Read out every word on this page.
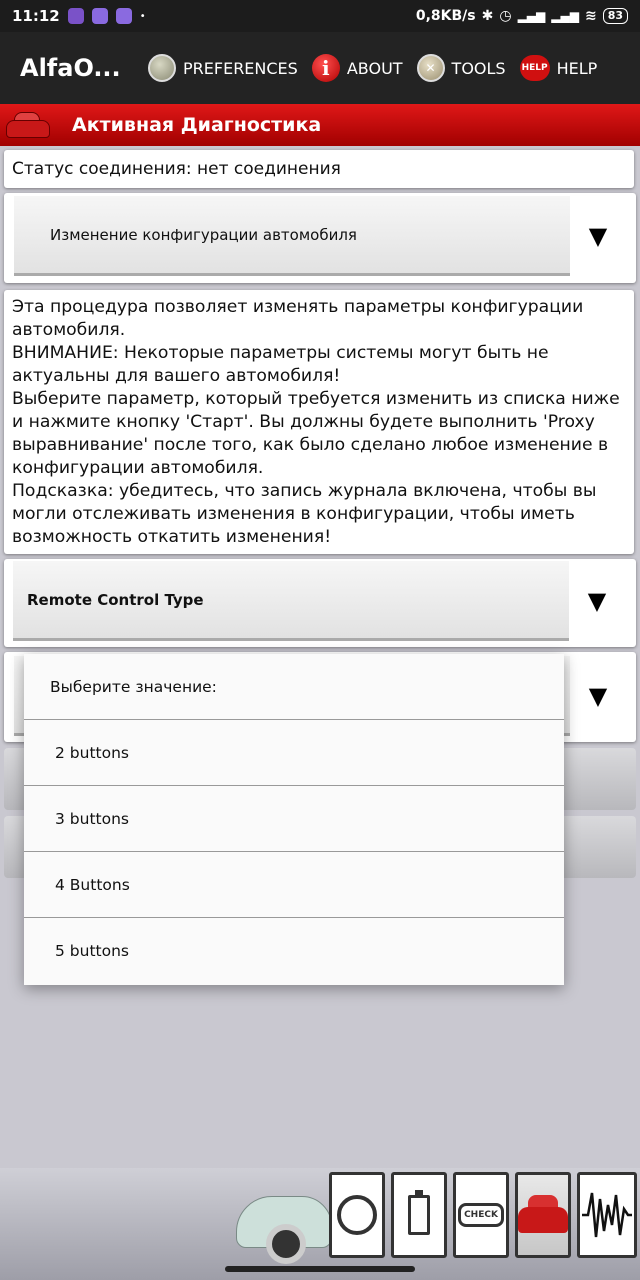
11:12	•	0,8KB/s ✱ ◷ ▂▄▆ ▂▄▆ ≋	83
AlfaO...	PREFERENCES	i	ABOUT	✕ TOOLS HELP HELP
Активная Диагностика
Статус соединения: нет соединения
Изменение конфигурации автомобиля	▼
Эта процедура позволяет изменять параметры конфигурации автомобиля.
ВНИМАНИЕ: Некоторые параметры системы могут быть не актуальны для вашего автомобиля!
Выберите параметр, который требуется изменить из списка ниже и нажмите кнопку 'Старт'. Вы должны будете выполнить 'Proxy выравнивание' после того, как было сделано любое изменение в конфигурации автомобиля.
Подсказка: убедитесь, что запись журнала включена, чтобы вы могли отслеживать изменения в конфигурации, чтобы иметь возможность откатить изменения!
Remote Control Type	▼
▼
Выберите значение:
2 buttons
3 buttons
4 Buttons
5 buttons
CHECK
